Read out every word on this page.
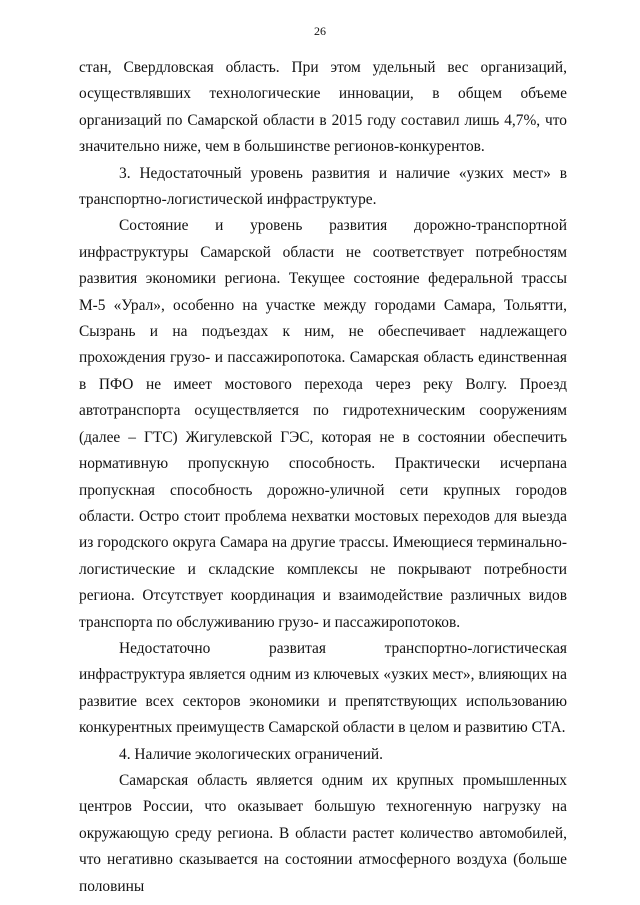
26

стан, Свердловская область. При этом удельный вес организаций, осуществлявших технологические инновации, в общем объеме организаций по Самарской области в 2015 году составил лишь 4,7%, что значительно ниже, чем в большинстве регионов-конкурентов.

3. Недостаточный уровень развития и наличие «узких мест» в транспортно-логистической инфраструктуре.

Состояние и уровень развития дорожно-транспортной инфраструктуры Самарской области не соответствует потребностям развития экономики региона. Текущее состояние федеральной трассы М-5 «Урал», особенно на участке между городами Самара, Тольятти, Сызрань и на подъездах к ним, не обеспечивает надлежащего прохождения грузо- и пассажиропотока. Самарская область единственная в ПФО не имеет мостового перехода через реку Волгу. Проезд автотранспорта осуществляется по гидротехническим сооружениям (далее – ГТС) Жигулевской ГЭС, которая не в состоянии обеспечить нормативную пропускную способность. Практически исчерпана пропускная способность дорожно-уличной сети крупных городов области. Остро стоит проблема нехватки мостовых переходов для выезда из городского округа Самара на другие трассы. Имеющиеся терминально-логистические и складские комплексы не покрывают потребности региона. Отсутствует координация и взаимодействие различных видов транспорта по обслуживанию грузо- и пассажиропотоков.

Недостаточно развитая транспортно-логистическая инфраструктура является одним из ключевых «узких мест», влияющих на развитие всех секторов экономики и препятствующих использованию конкурентных преимуществ Самарской области в целом и развитию СТА.

4. Наличие экологических ограничений.

Самарская область является одним их крупных промышленных центров России, что оказывает большую техногенную нагрузку на окружающую среду региона. В области растет количество автомобилей, что негативно сказывается на состоянии атмосферного воздуха (больше половины
